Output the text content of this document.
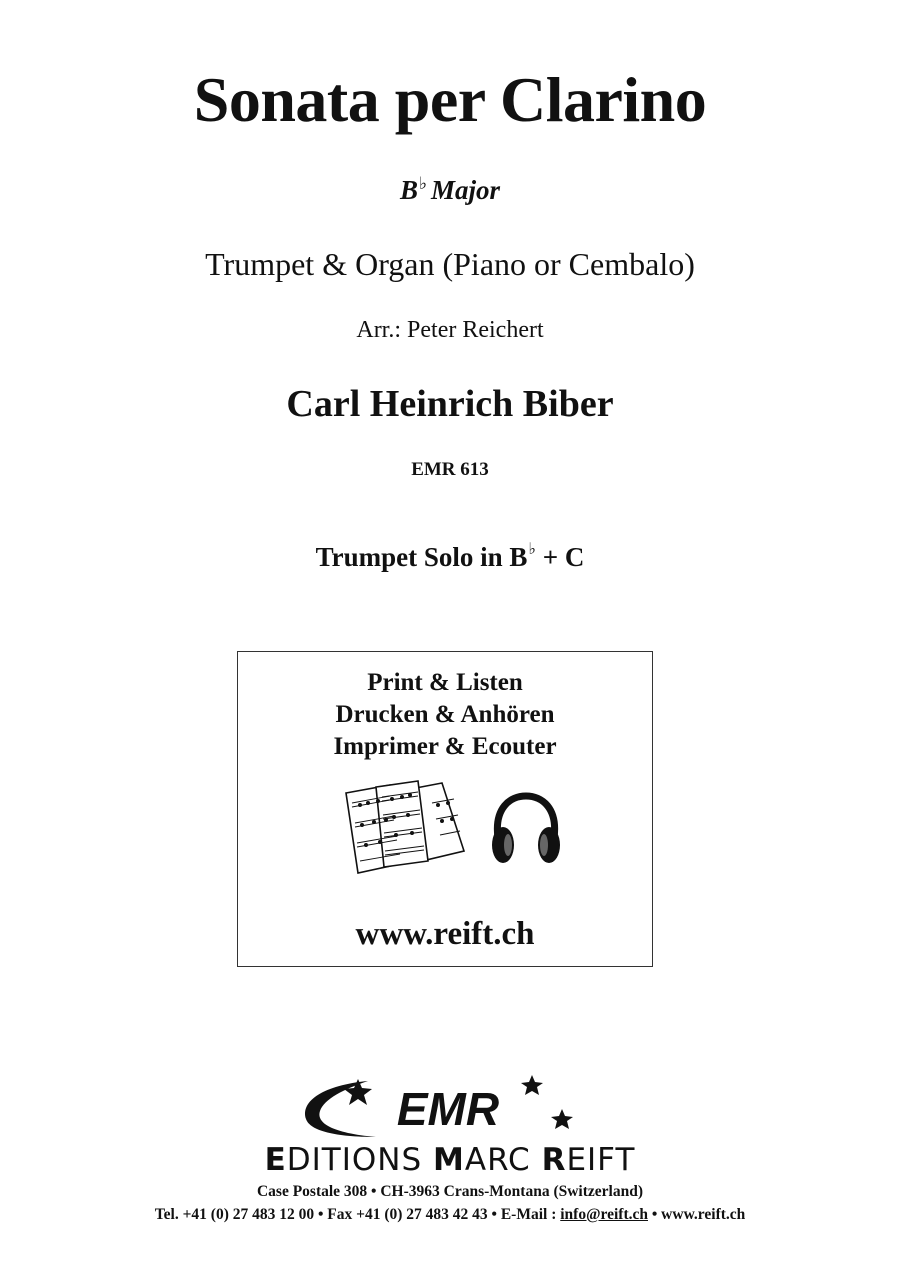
Sonata per Clarino
B♭ Major
Trumpet & Organ (Piano or Cembalo)
Arr.: Peter Reichert
Carl Heinrich Biber
EMR 613
Trumpet Solo in B♭ + C
Print & Listen
Drucken & Anhören
Imprimer & Ecouter
www.reift.ch
EMR
EDITIONS MARC REIFT
Case Postale 308 • CH-3963 Crans-Montana (Switzerland)
Tel. +41 (0) 27 483 12 00 • Fax +41 (0) 27 483 42 43 • E-Mail : info@reift.ch • www.reift.ch
